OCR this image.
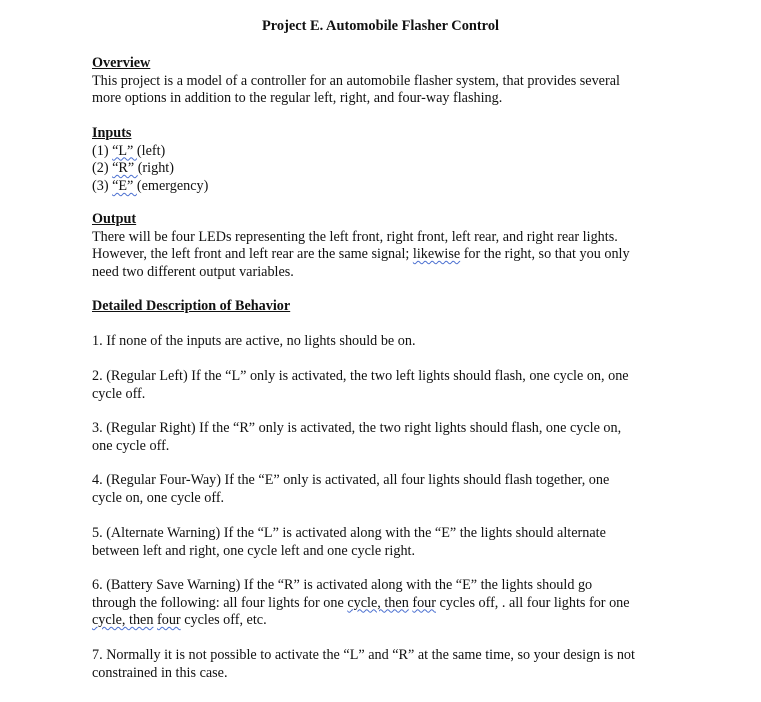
Project E. Automobile Flasher Control
Overview
This project is a model of a controller for an automobile flasher system, that provides several
more options in addition to the regular left, right, and four-way flashing.
Inputs
(1) “L” (left)
(2) “R” (right)
(3) “E” (emergency)
Output
There will be four LEDs representing the left front, right front, left rear, and right rear lights.
However, the left front and left rear are the same signal; likewise for the right, so that you only
need two different output variables.
Detailed Description of Behavior
1. If none of the inputs are active, no lights should be on.
2. (Regular Left) If the “L” only is activated, the two left lights should flash, one cycle on, one
cycle off.
3. (Regular Right) If the “R” only is activated, the two right lights should flash, one cycle on,
one cycle off.
4. (Regular Four-Way) If the “E” only is activated, all four lights should flash together, one
cycle on, one cycle off.
5. (Alternate Warning) If the “L” is activated along with the “E” the lights should alternate
between left and right, one cycle left and one cycle right.
6. (Battery Save Warning) If the “R” is activated along with the “E” the lights should go
through the following: all four lights for one cycle, then four cycles off, . all four lights for one
cycle, then four cycles off, etc.
7. Normally it is not possible to activate the “L” and “R” at the same time, so your design is not
constrained in this case.
